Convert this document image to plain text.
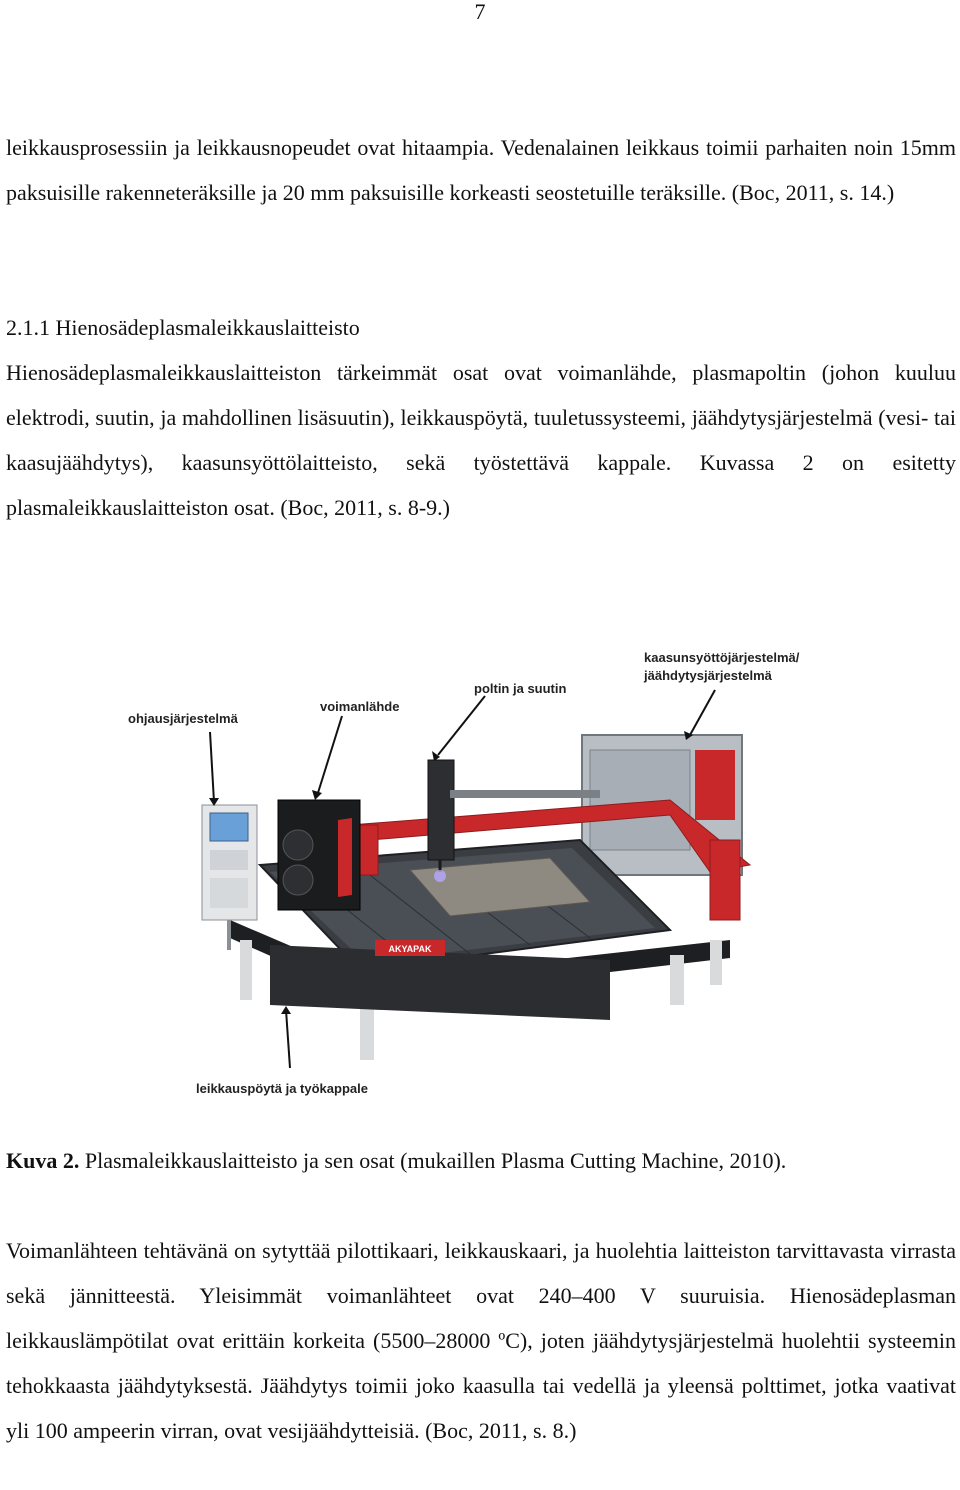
7
leikkausprosessiin ja leikkausnopeudet ovat hitaampia. Vedenalainen leikkaus toimii parhaiten noin 15mm paksuisille rakenneteräksille ja 20 mm paksuisille korkeasti seostetuille teräksille. (Boc, 2011, s. 14.)
2.1.1 Hienosädeplasmaleikkauslaitteisto
Hienosädeplasmaleikkauslaitteiston tärkeimmät osat ovat voimanlähde, plasmapoltin (johon kuuluu elektrodi, suutin, ja mahdollinen lisäsuutin), leikkauspöytä, tuuletussysteemi, jäähdytysjärjestelmä (vesi- tai kaasujäähdytys), kaasunsyöttölaitteisto, sekä työstettävä kappale. Kuvassa 2 on esitetty plasmaleikkauslaitteiston osat. (Boc, 2011, s. 8-9.)
AKYAPAK
ohjausjärjestelmä
voimanlähde
poltin ja suutin
kaasunsyöttöjärjestelmä/
jäähdytysjärjestelmä
leikkauspöytä ja työkappale
Kuva 2. Plasmaleikkauslaitteisto ja sen osat (mukaillen Plasma Cutting Machine, 2010).
Voimanlähteen tehtävänä on sytyttää pilottikaari, leikkauskaari, ja huolehtia laitteiston tarvittavasta virrasta sekä jännitteestä. Yleisimmät voimanlähteet ovat 240–400 V suuruisia. Hienosädeplasman leikkauslämpötilat ovat erittäin korkeita (5500–28000 ºC), joten jäähdytysjärjestelmä huolehtii systeemin tehokkaasta jäähdytyksestä. Jäähdytys toimii joko kaasulla tai vedellä ja yleensä polttimet, jotka vaativat yli 100 ampeerin virran, ovat vesijäähdytteisiä. (Boc, 2011, s. 8.)
